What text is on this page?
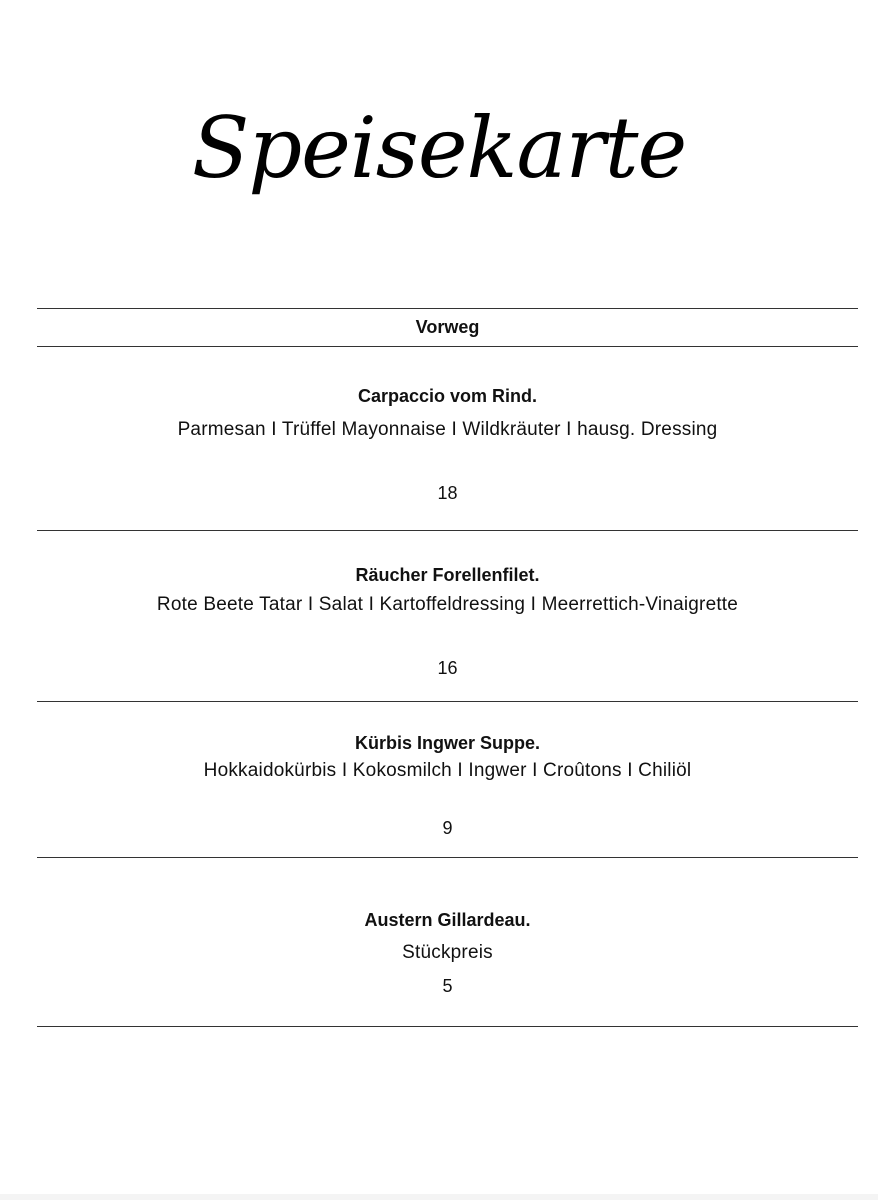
Speisekarte
Vorweg
Carpaccio vom Rind.
Parmesan I Trüffel Mayonnaise I Wildkräuter I hausg. Dressing
18
Räucher Forellenfilet.
Rote Beete Tatar I Salat I Kartoffeldressing I Meerrettich-Vinaigrette
16
Kürbis Ingwer Suppe.
Hokkaidokürbis I Kokosmilch I Ingwer I Croûtons I Chiliöl
9
Austern Gillardeau.
Stückpreis
5
